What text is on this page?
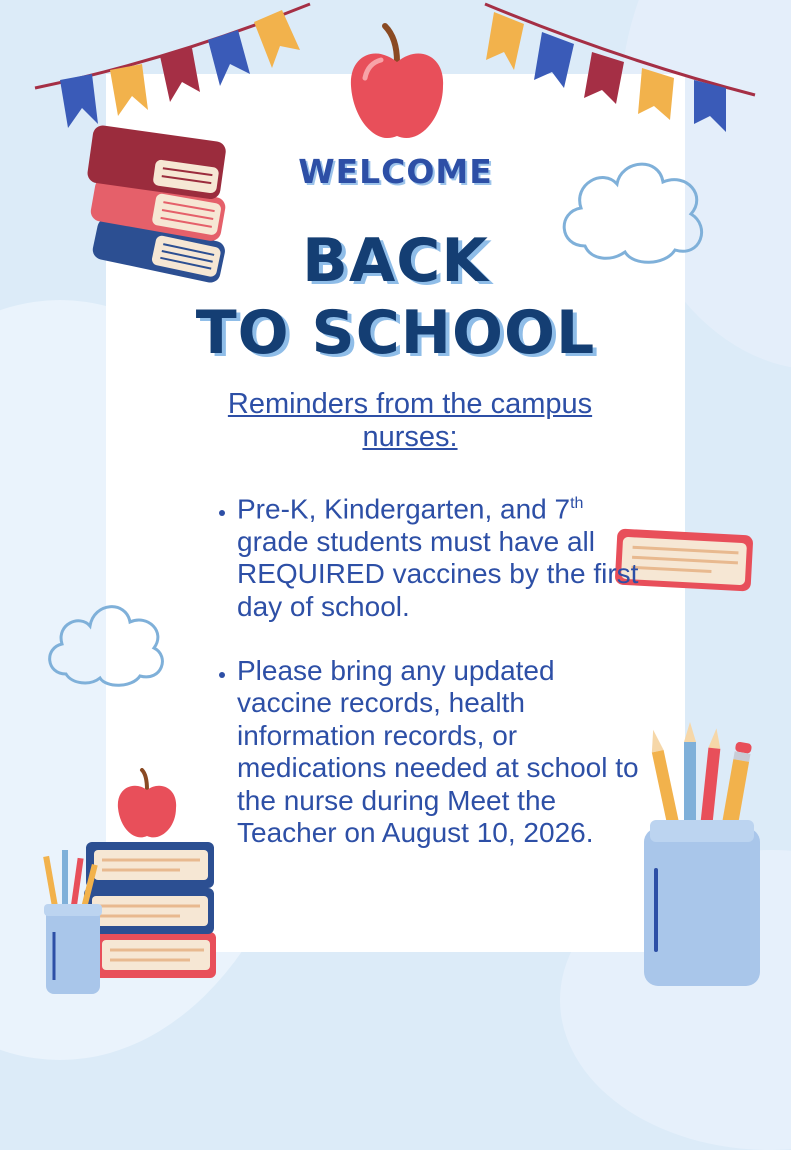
WELCOME
BACK
TO SCHOOL

Reminders from the campus nurses:

• Pre-K, Kindergarten, and 7th grade students must have all REQUIRED vaccines by the first day of school.
• Please bring any updated vaccine records, health information records, or medications needed at school to the nurse during Meet the Teacher on August 10, 2026.
